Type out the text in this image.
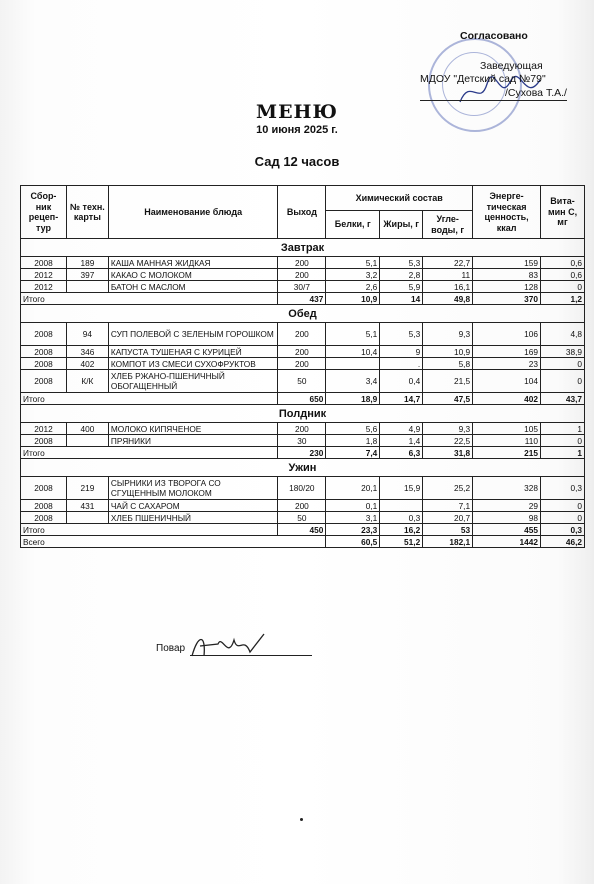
Согласовано
Заведующая
МДОУ "Детский сад №79"
/Сухова Т.А./
МЕНЮ
10 июня 2025 г.
Сад 12 часов
Сбор-ник рецеп-тур	№ техн. карты	Наименование блюда	Выход	Химический состав			Энерге-тическая ценность, ккал	Вита-мин С, мг
				Белки, г	Жиры, г	Угле-воды, г		
Завтрак								
2008	189	КАША МАННАЯ ЖИДКАЯ	200	5,1	5,3	22,7	159	0,6
2012	397	КАКАО С МОЛОКОМ	200	3,2	2,8	11	83	0,6
2012		БАТОН С МАСЛОМ	30/7	2,6	5,9	16,1	128	0
Итого			437	10,9	14	49,8	370	1,2
Обед								
2008	94	СУП ПОЛЕВОЙ С ЗЕЛЕНЫМ ГОРОШКОМ	200	5,1	5,3	9,3	106	4,8
2008	346	КАПУСТА ТУШЕНАЯ С КУРИЦЕЙ	200	10,4	9	10,9	169	38,9
2008	402	КОМПОТ ИЗ СМЕСИ СУХОФРУКТОВ	200		.	5,8	23	0
2008	К/К	ХЛЕБ РЖАНО-ПШЕНИЧНЫЙ ОБОГАЩЕННЫЙ	50	3,4	0,4	21,5	104	0
Итого			650	18,9	14,7	47,5	402	43,7
Полдник								
2012	400	МОЛОКО КИПЯЧЕНОЕ	200	5,6	4,9	9,3	105	1
2008		ПРЯНИКИ	30	1,8	1,4	22,5	110	0
Итого			230	7,4	6,3	31,8	215	1
Ужин								
2008	219	СЫРНИКИ ИЗ ТВОРОГА СО СГУЩЕННЫМ МОЛОКОМ	180/20	20,1	15,9	25,2	328	0,3
2008	431	ЧАЙ С САХАРОМ	200	0,1		7,1	29	0
2008		ХЛЕБ ПШЕНИЧНЫЙ	50	3,1	0,3	20,7	98	0
Итого			450	23,3	16,2	53	455	0,3
Всего				60,5	51,2	182,1	1442	46,2
Повар
